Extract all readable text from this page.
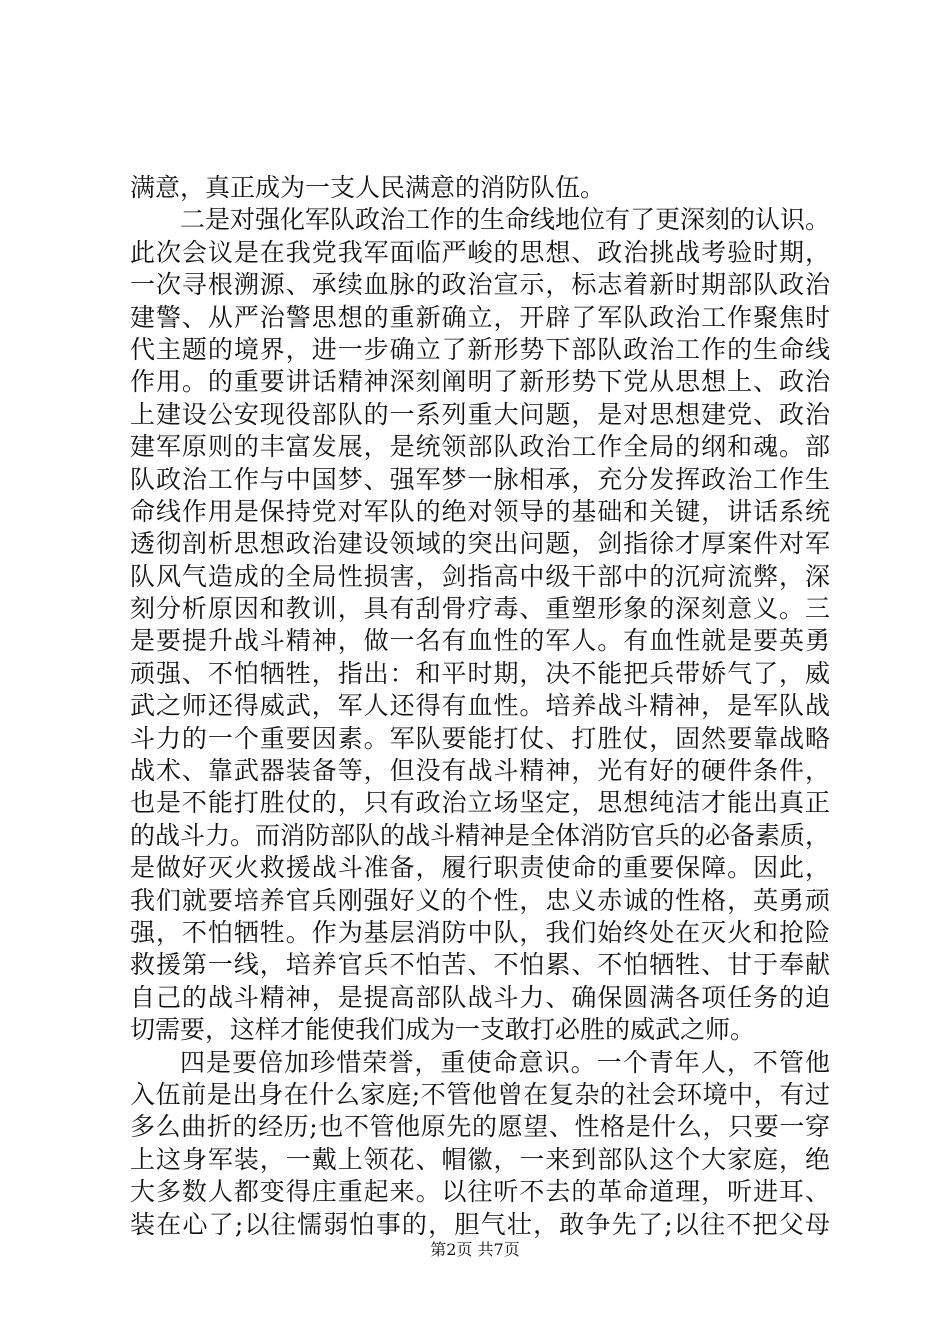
满意，真正成为一支人民满意的消防队伍。
二是对强化军队政治工作的生命线地位有了更深刻的认识。
此次会议是在我党我军面临严峻的思想、政治挑战考验时期，
一次寻根溯源、承续血脉的政治宣示，标志着新时期部队政治
建警、从严治警思想的重新确立，开辟了军队政治工作聚焦时
代主题的境界，进一步确立了新形势下部队政治工作的生命线
作用。的重要讲话精神深刻阐明了新形势下党从思想上、政治
上建设公安现役部队的一系列重大问题，是对思想建党、政治
建军原则的丰富发展，是统领部队政治工作全局的纲和魂。部
队政治工作与中国梦、强军梦一脉相承，充分发挥政治工作生
命线作用是保持党对军队的绝对领导的基础和关键，讲话系统
透彻剖析思想政治建设领域的突出问题，剑指徐才厚案件对军
队风气造成的全局性损害，剑指高中级干部中的沉疴流弊，深
刻分析原因和教训，具有刮骨疗毒、重塑形象的深刻意义。三
是要提升战斗精神，做一名有血性的军人。有血性就是要英勇
顽强、不怕牺牲，指出：和平时期，决不能把兵带娇气了，威
武之师还得威武，军人还得有血性。培养战斗精神，是军队战
斗力的一个重要因素。军队要能打仗、打胜仗，固然要靠战略
战术、靠武器装备等，但没有战斗精神，光有好的硬件条件，
也是不能打胜仗的，只有政治立场坚定，思想纯洁才能出真正
的战斗力。而消防部队的战斗精神是全体消防官兵的必备素质，
是做好灭火救援战斗准备，履行职责使命的重要保障。因此，
我们就要培养官兵刚强好义的个性，忠义赤诚的性格，英勇顽
强，不怕牺牲。作为基层消防中队，我们始终处在灭火和抢险
救援第一线，培养官兵不怕苦、不怕累、不怕牺牲、甘于奉献
自己的战斗精神，是提高部队战斗力、确保圆满各项任务的迫
切需要，这样才能使我们成为一支敢打必胜的威武之师。
四是要倍加珍惜荣誉，重使命意识。一个青年人，不管他
入伍前是出身在什么家庭;不管他曾在复杂的社会环境中，有过
多么曲折的经历;也不管他原先的愿望、性格是什么，只要一穿
上这身军装，一戴上领花、帽徽，一来到部队这个大家庭，绝
大多数人都变得庄重起来。以往听不去的革命道理，听进耳、
装在心了;以往懦弱怕事的，胆气壮，敢争先了;以往不把父母
第2页 共7页
